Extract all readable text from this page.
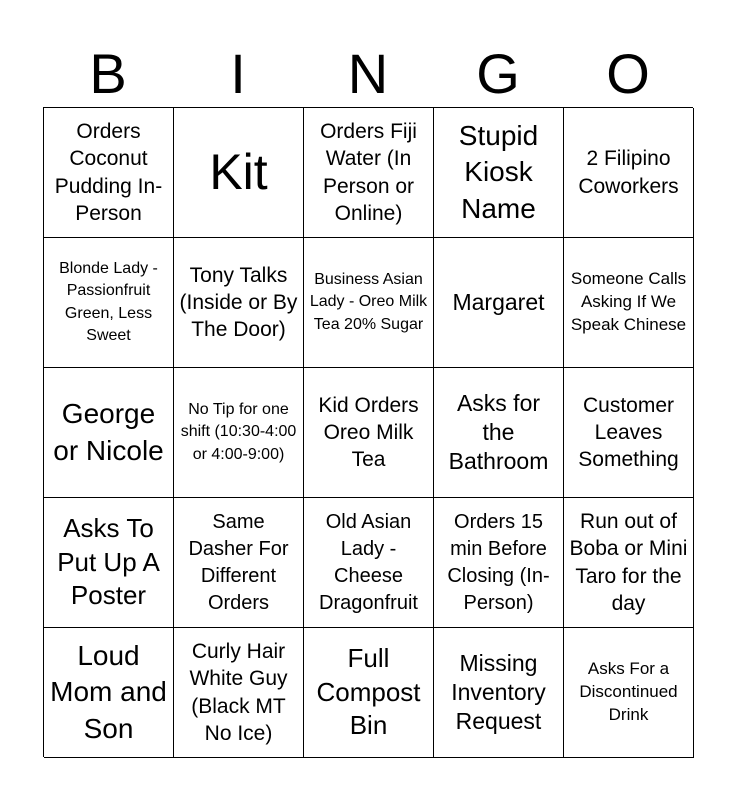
B	I	N	G	O
Orders Coconut Pudding In-Person
Kit
Orders Fiji Water (In Person or Online)
Stupid Kiosk Name
2 Filipino Coworkers
Blonde Lady - Passionfruit Green, Less Sweet
Tony Talks (Inside or By The Door)
Business Asian Lady - Oreo Milk Tea 20% Sugar
Margaret
Someone Calls Asking If We Speak Chinese
George or Nicole
No Tip for one shift (10:30-4:00 or 4:00-9:00)
Kid Orders Oreo Milk Tea
Asks for the Bathroom
Customer Leaves Something
Asks To Put Up A Poster
Same Dasher For Different Orders
Old Asian Lady - Cheese Dragonfruit
Orders 15 min Before Closing (In-Person)
Run out of Boba or Mini Taro for the day
Loud Mom and Son
Curly Hair White Guy (Black MT No Ice)
Full Compost Bin
Missing Inventory Request
Asks For a Discontinued Drink
